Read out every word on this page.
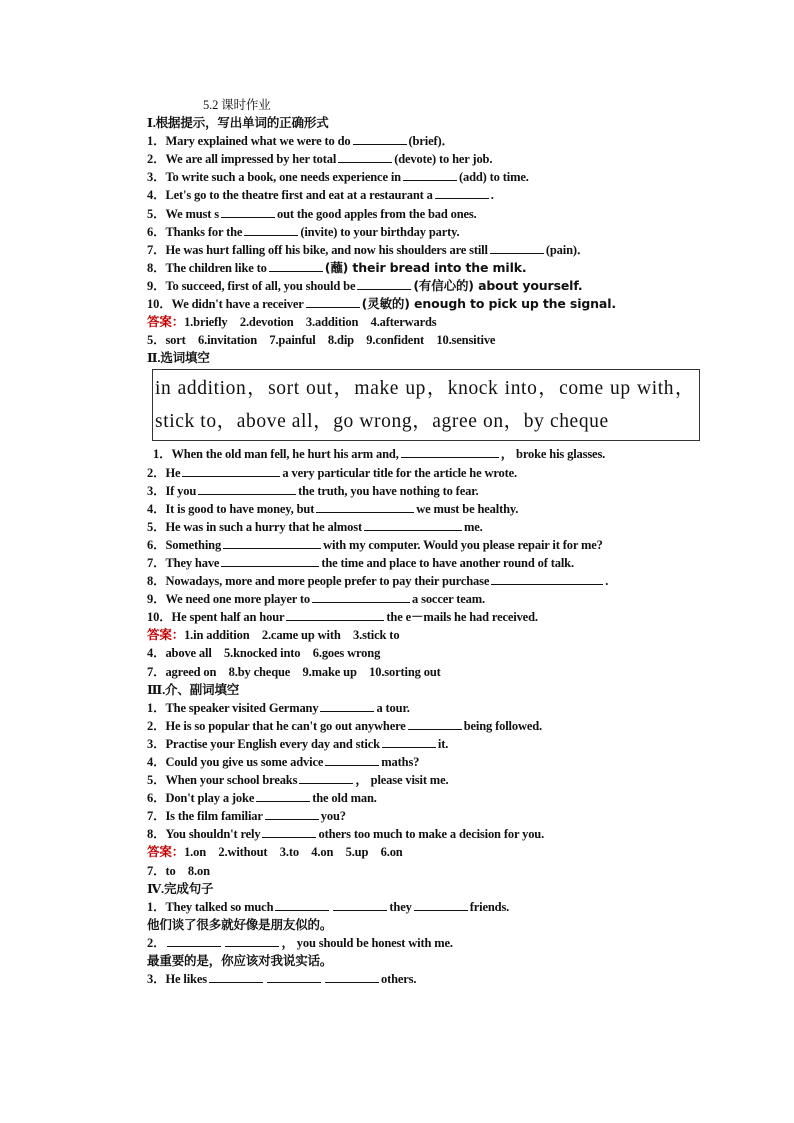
5.2 课时作业
Ⅰ.根据提示，写出单词的正确形式
1．Mary explained what we were to do	(brief)．
2．We are all impressed by her total	(devote) to her job.
3．To write such a book, one needs experience in	(add) to time.
4．Let's go to the theatre first and eat at a restaurant a	.
5．We must s	out the good apples from the bad ones.
6．Thanks for the	(invite) to your birthday party.
7．He was hurt falling off his bike, and now his shoulders are still	(pain)．
8．The children like to	(蘸) their bread into the milk.
9．To succeed, first of all, you should be	(有信心的) about yourself.
10．We didn't have a receiver	(灵敏的) enough to pick up the signal.
答案：1.briefly　2.devotion　3.addition　4.afterwards
5．sort　6.invitation　7.painful　8.dip　9.confident　10.sensitive
Ⅱ.选词填空
in addition，sort out，make up，knock into，come up with，stick to，above all，go wrong，agree on，by cheque
1．When the old man fell, he hurt his arm and,	， broke his glasses.
2．He	a very particular title for the article he wrote.
3．If you	the truth, you have nothing to fear.
4．It is good to have money, but	we must be healthy.
5．He was in such a hurry that he almost	me.
6．Something	with my computer. Would you please repair it for me?
7．They have	the time and place to have another round of talk.
8．Nowadays, more and more people prefer to pay their purchase	.
9．We need one more player to	a soccer team.
10．He spent half an hour	the e－mails he had received.
答案：1.in addition　2.came up with　3.stick to
4．above all　5.knocked into　6.goes wrong
7．agreed on　8.by cheque　9.make up　10.sorting out
Ⅲ.介、副词填空
1．The speaker visited Germany	a tour.
2．He is so popular that he can't go out anywhere	being followed.
3．Practise your English every day and stick	it.
4．Could you give us some advice	maths?
5．When your school breaks	， please visit me.
6．Don't play a joke	the old man.
7．Is the film familiar	you?
8．You shouldn't rely	others too much to make a decision for you.
答案：1.on　2.without　3.to　4.on　5.up　6.on
7．to　8.on
Ⅳ.完成句子
1．They talked so much	they	friends.
他们谈了很多就好像是朋友似的。
2．	， you should be honest with me.
最重要的是，你应该对我说实话。
3．He likes	others.
